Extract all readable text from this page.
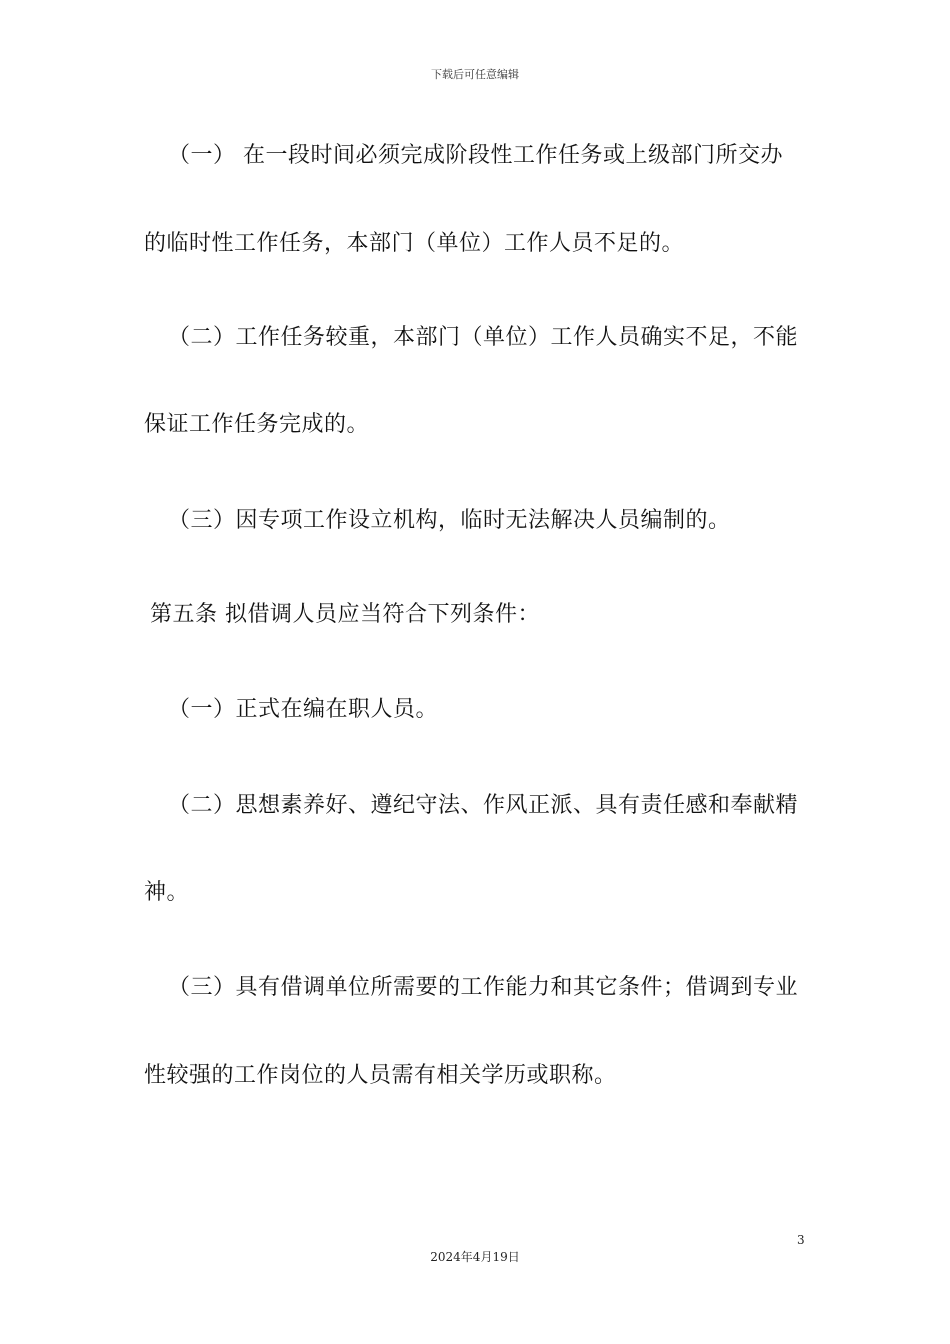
下载后可任意编辑
（一） 在一段时间必须完成阶段性工作任务或上级部门所交办
的临时性工作任务，本部门（单位）工作人员不足的。
（二）工作任务较重，本部门（单位）工作人员确实不足，不能
保证工作任务完成的。
（三）因专项工作设立机构，临时无法解决人员编制的。
第五条 拟借调人员应当符合下列条件：
（一）正式在编在职人员。
（二）思想素养好、遵纪守法、作风正派、具有责任感和奉献精
神。
（三）具有借调单位所需要的工作能力和其它条件；借调到专业
性较强的工作岗位的人员需有相关学历或职称。
3
2024年4月19日
